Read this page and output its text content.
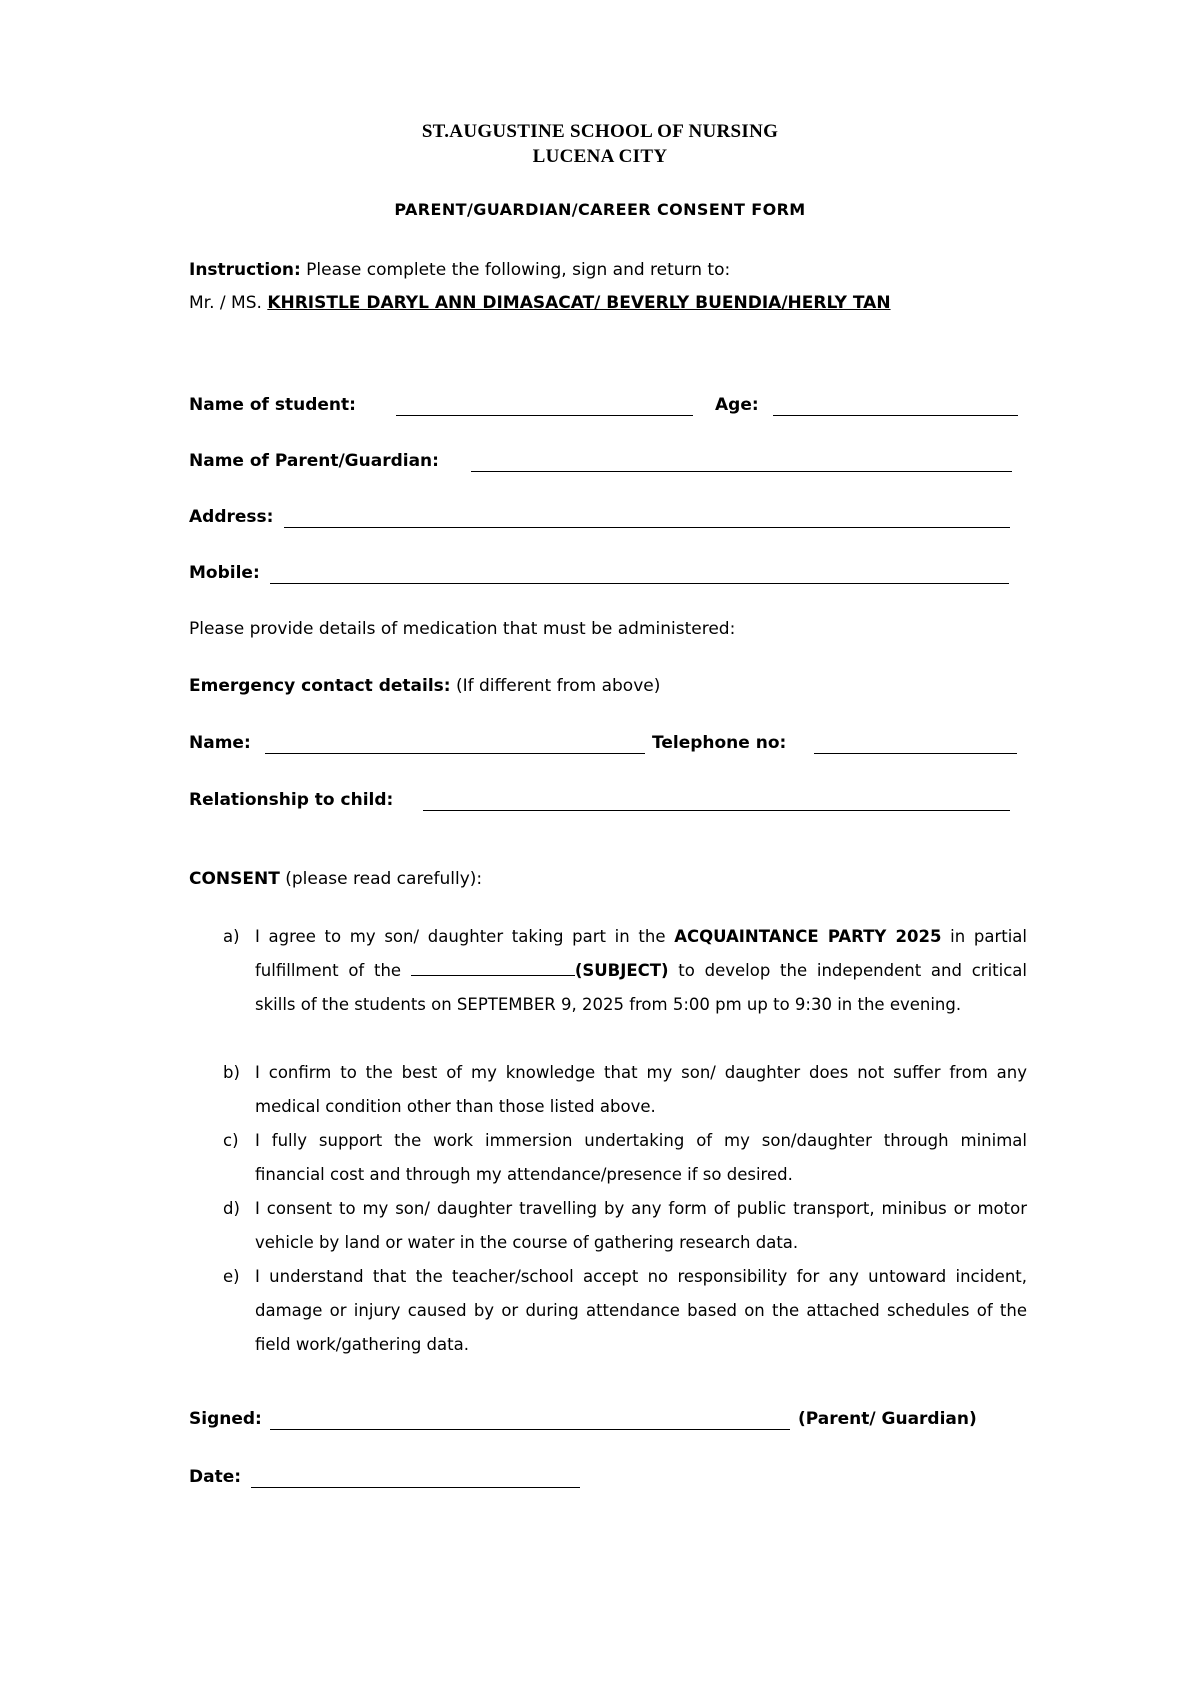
ST.AUGUSTINE SCHOOL OF NURSING
LUCENA CITY
PARENT/GUARDIAN/CAREER CONSENT FORM
Instruction: Please complete the following, sign and return to:
Mr. / MS. KHRISTLE DARYL ANN DIMASACAT/ BEVERLY BUENDIA/HERLY TAN
Name of student:	Age:
Name of Parent/Guardian:
Address:
Mobile:
Please provide details of medication that must be administered:
Emergency contact details: (If different from above)
Name:	Telephone no:
Relationship to child:
CONSENT (please read carefully):
a) I agree to my son/ daughter taking part in the ACQUAINTANCE PARTY 2025 in partial fulfillment of the	(SUBJECT) to develop the independent and critical skills of the students on SEPTEMBER 9, 2025 from 5:00 pm up to 9:30 in the evening.
b) I confirm to the best of my knowledge that my son/ daughter does not suffer from any medical condition other than those listed above.
c) I fully support the work immersion undertaking of my son/daughter through minimal financial cost and through my attendance/presence if so desired.
d) I consent to my son/ daughter travelling by any form of public transport, minibus or motor vehicle by land or water in the course of gathering research data.
e) I understand that the teacher/school accept no responsibility for any untoward incident, damage or injury caused by or during attendance based on the attached schedules of the field work/gathering data.
Signed:	(Parent/ Guardian)
Date:
